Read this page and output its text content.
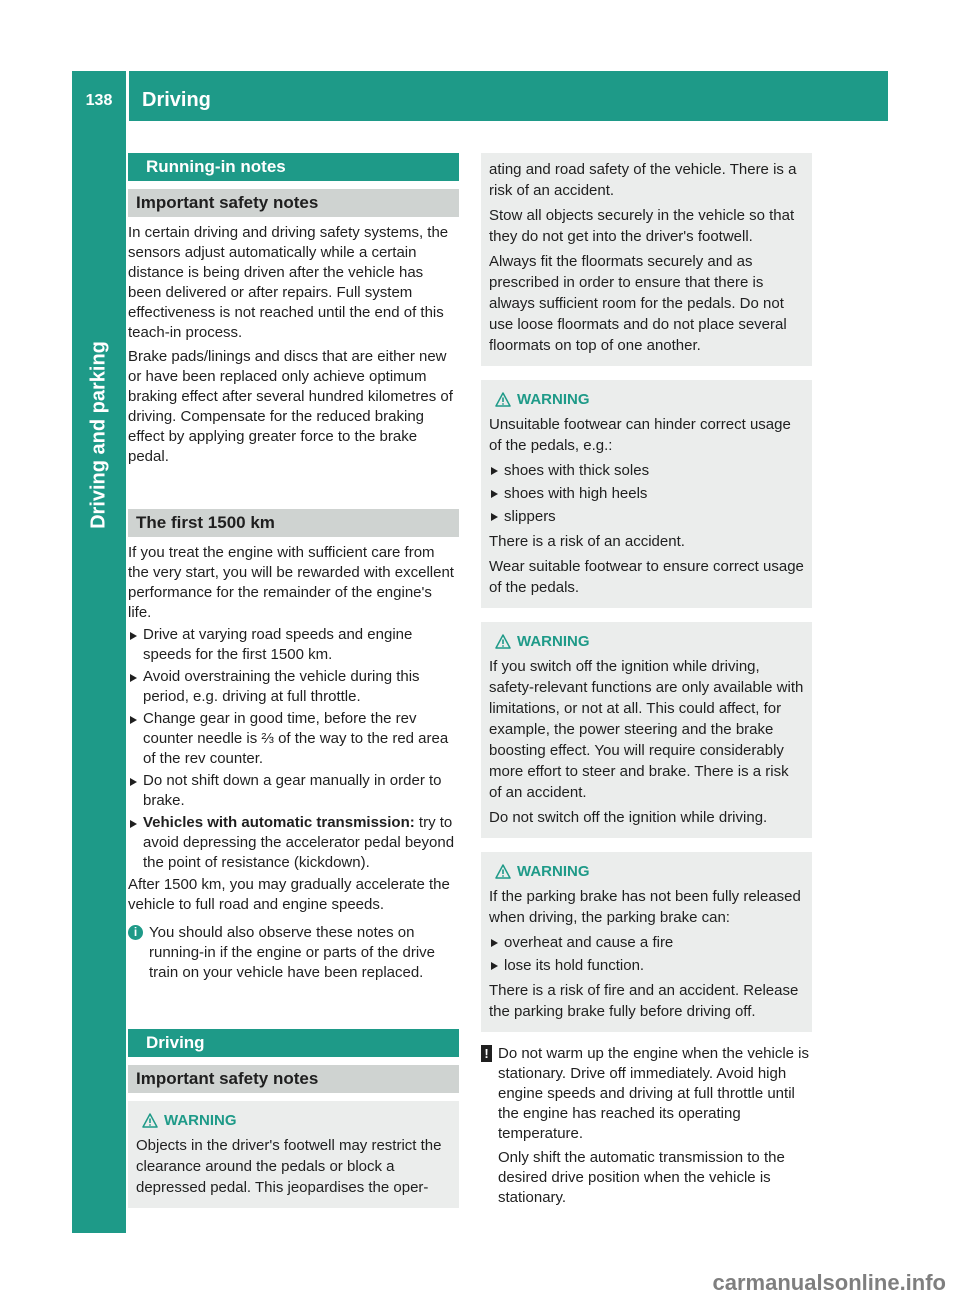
138	Driving
Driving and parking
Running-in notes
Important safety notes

In certain driving and driving safety systems, the sensors adjust automatically while a certain distance is being driven after the vehicle has been delivered or after repairs. Full system effectiveness is not reached until the end of this teach-in process.

Brake pads/linings and discs that are either new or have been replaced only achieve optimum braking effect after several hundred kilometres of driving. Compensate for the reduced braking effect by applying greater force to the brake pedal.

The first 1500 km

If you treat the engine with sufficient care from the very start, you will be rewarded with excellent performance for the remainder of the engine's life.

Drive at varying road speeds and engine speeds for the first 1500 km.
Avoid overstraining the vehicle during this period, e.g. driving at full throttle.
Change gear in good time, before the rev counter needle is ⅔ of the way to the red area of the rev counter.
Do not shift down a gear manually in order to brake.
Vehicles with automatic transmission: try to avoid depressing the accelerator pedal beyond the point of resistance (kickdown).

After 1500 km, you may gradually accelerate the vehicle to full road and engine speeds.

i You should also observe these notes on running-in if the engine or parts of the drive train on your vehicle have been replaced.

Driving
Important safety notes
WARNING

Objects in the driver's footwell may restrict the clearance around the pedals or block a depressed pedal. This jeopardises the oper-

ating and road safety of the vehicle. There is a risk of an accident.

Stow all objects securely in the vehicle so that they do not get into the driver's footwell.

Always fit the floormats securely and as prescribed in order to ensure that there is always sufficient room for the pedals. Do not use loose floormats and do not place several floormats on top of one another.

WARNING

Unsuitable footwear can hinder correct usage of the pedals, e.g.:

shoes with thick soles
shoes with high heels
slippers

There is a risk of an accident.

Wear suitable footwear to ensure correct usage of the pedals.

WARNING

If you switch off the ignition while driving, safety-relevant functions are only available with limitations, or not at all. This could affect, for example, the power steering and the brake boosting effect. You will require considerably more effort to steer and brake. There is a risk of an accident.

Do not switch off the ignition while driving.

WARNING

If the parking brake has not been fully released when driving, the parking brake can:

overheat and cause a fire
lose its hold function.

There is a risk of fire and an accident. Release the parking brake fully before driving off.

! Do not warm up the engine when the vehicle is stationary. Drive off immediately. Avoid high engine speeds and driving at full throttle until the engine has reached its operating temperature.

Only shift the automatic transmission to the desired drive position when the vehicle is stationary.

carmanualsonline.info
